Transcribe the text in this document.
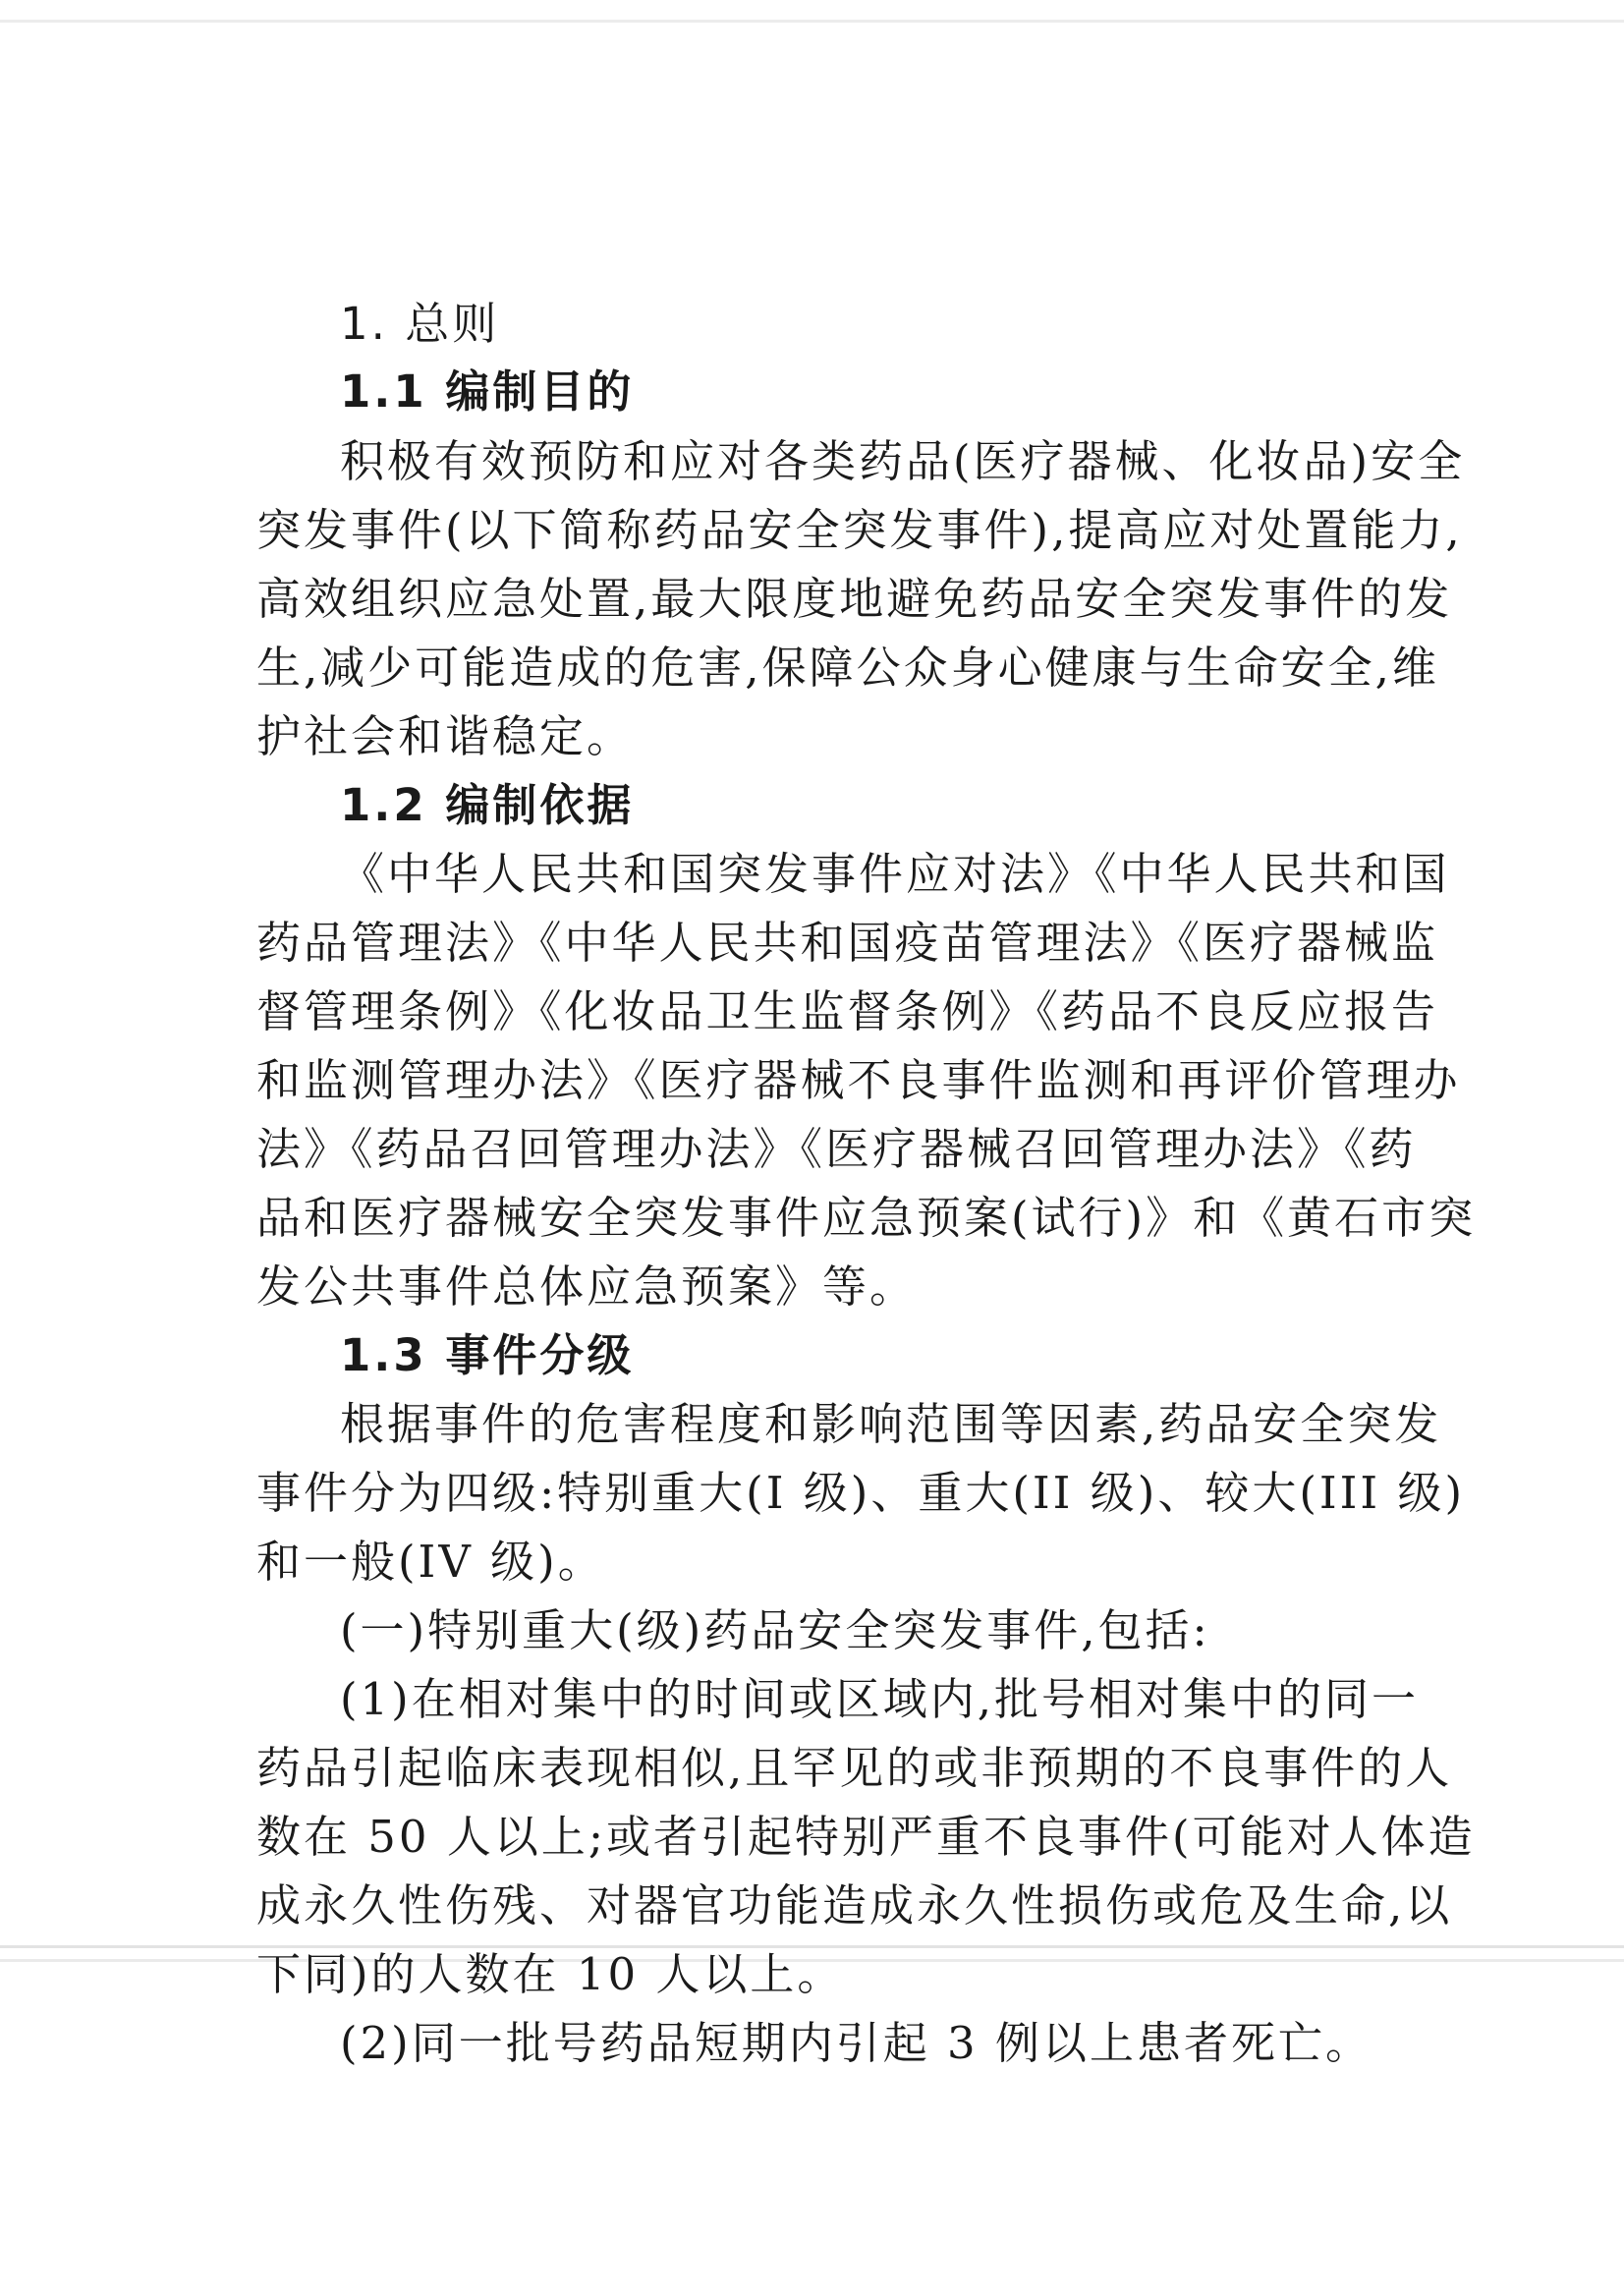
1. 总则
1.1 编制目的
积极有效预防和应对各类药品(医疗器械、化妆品)安全
突发事件(以下简称药品安全突发事件),提高应对处置能力,
高效组织应急处置,最大限度地避免药品安全突发事件的发
生,减少可能造成的危害,保障公众身心健康与生命安全,维
护社会和谐稳定。
1.2 编制依据
《中华人民共和国突发事件应对法》《中华人民共和国
药品管理法》《中华人民共和国疫苗管理法》《医疗器械监
督管理条例》《化妆品卫生监督条例》《药品不良反应报告
和监测管理办法》《医疗器械不良事件监测和再评价管理办
法》《药品召回管理办法》《医疗器械召回管理办法》《药
品和医疗器械安全突发事件应急预案(试行)》和《黄石市突
发公共事件总体应急预案》等。
1.3 事件分级
根据事件的危害程度和影响范围等因素,药品安全突发
事件分为四级:特别重大(I 级)、重大(II 级)、较大(III 级)
和一般(IV 级)。
(一)特别重大(级)药品安全突发事件,包括:
(1)在相对集中的时间或区域内,批号相对集中的同一
药品引起临床表现相似,且罕见的或非预期的不良事件的人
数在 50 人以上;或者引起特别严重不良事件(可能对人体造
成永久性伤残、对器官功能造成永久性损伤或危及生命,以
下同)的人数在 10 人以上。
(2)同一批号药品短期内引起 3 例以上患者死亡。
